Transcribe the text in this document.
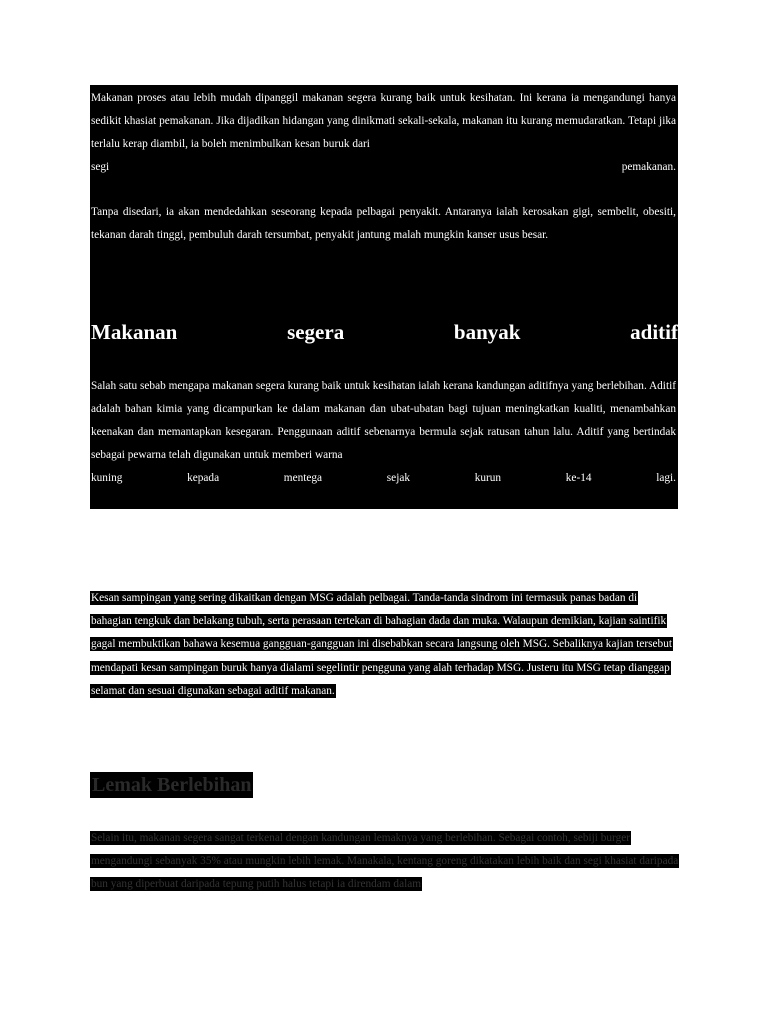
Makanan proses atau lebih mudah dipanggil makanan segera kurang baik untuk kesihatan. Ini kerana ia mengandungi hanya sedikit khasiat pemakanan. Jika dijadikan hidangan yang dinikmati sekali-sekala, makanan itu kurang memudaratkan. Tetapi jika terlalu kerap diambil, ia boleh menimbulkan kesan buruk dari

segi pemakanan.

Tanpa disedari, ia akan mendedahkan seseorang kepada pelbagai penyakit. Antaranya ialah kerosakan gigi, sembelit, obesiti, tekanan darah tinggi, pembuluh darah tersumbat, penyakit jantung malah mungkin kanser usus besar.

Makanan segera banyak aditif

Salah satu sebab mengapa makanan segera kurang baik untuk kesihatan ialah kerana kandungan aditifnya yang berlebihan. Aditif adalah bahan kimia yang dicampurkan ke dalam makanan dan ubat-ubatan bagi tujuan meningkatkan kualiti, menambahkan keenakan dan memantapkan kesegaran. Penggunaan aditif sebenarnya bermula sejak ratusan tahun lalu. Aditif yang bertindak sebagai pewarna telah digunakan untuk memberi warna

kuning kepada mentega sejak kurun ke-14 lagi.

Kesan sampingan yang sering dikaitkan dengan MSG adalah pelbagai. Tanda-tanda sindrom ini termasuk panas badan di bahagian tengkuk dan belakang tubuh, serta perasaan tertekan di bahagian dada dan muka. Walaupun demikian, kajian saintifik gagal membuktikan bahawa kesemua gangguan-gangguan ini disebabkan secara langsung oleh MSG. Sebaliknya kajian tersebut mendapati kesan sampingan buruk hanya dialami segelintir pengguna yang alah terhadap MSG. Justeru itu MSG tetap dianggap selamat dan sesuai digunakan sebagai aditif makanan.

Lemak Berlebihan

Selain itu, makanan segera sangat terkenal dengan kandungan lemaknya yang berlebihan. Sebagai contoh, sebiji burger mengandungi sebanyak 35% atau mungkin lebih lemak. Manakala, kentang goreng dikatakan lebih baik dan segi khasiat daripada bun yang diperbuat daripada tepung putih halus tetapi ia direndam dalam
